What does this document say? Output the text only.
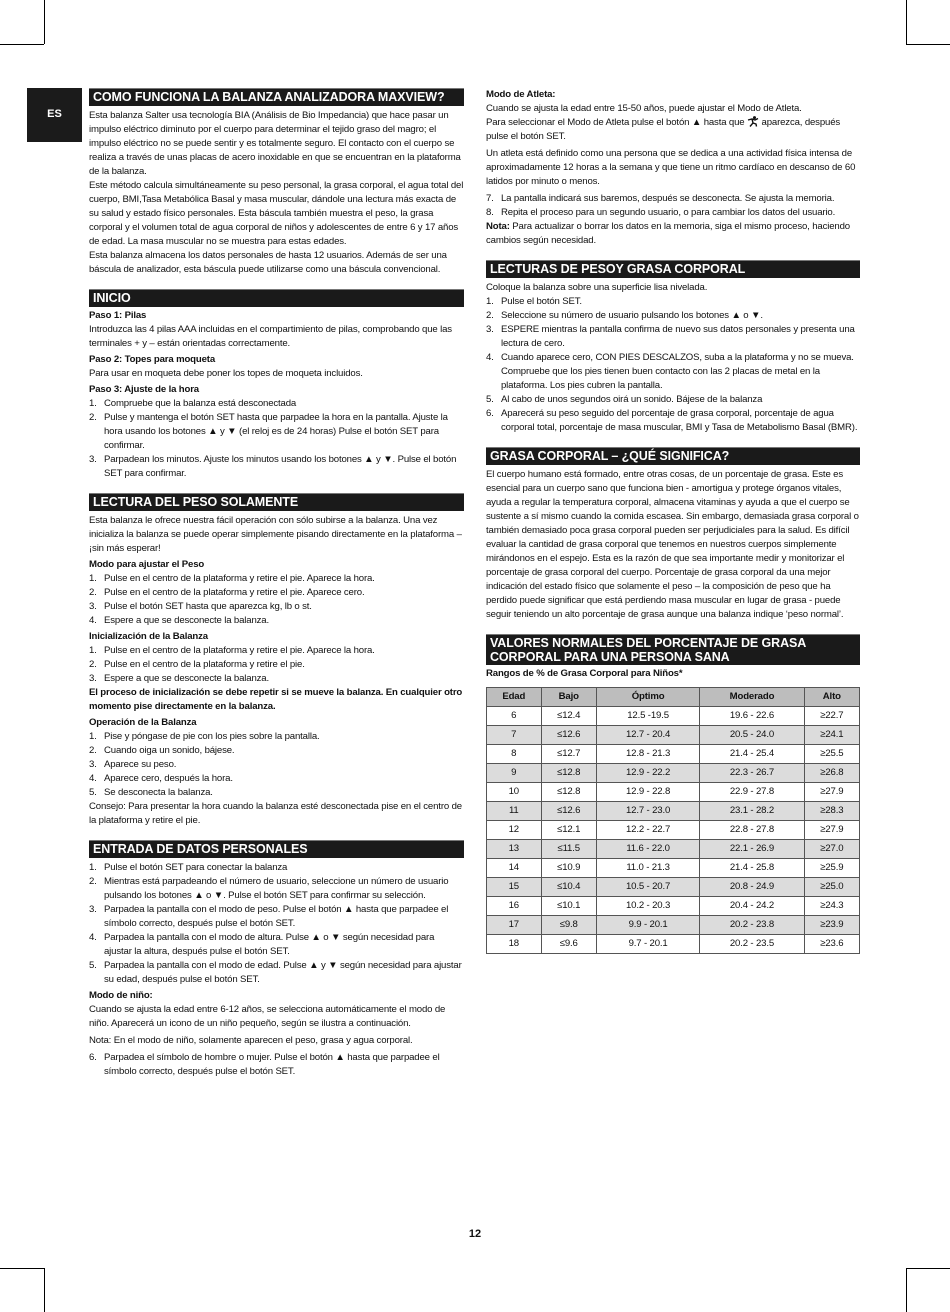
ES
COMO FUNCIONA LA BALANZA ANALIZADORA MAXVIEW?

Esta balanza Salter usa tecnología BIA (Análisis de Bio Impedancia) que hace pasar un impulso eléctrico diminuto por el cuerpo para determinar el tejido graso del magro; el impulso eléctrico no se puede sentir y es totalmente seguro. El contacto con el cuerpo se realiza a través de unas placas de acero inoxidable en que se encuentran en la plataforma de la balanza.

Este método calcula simultáneamente su peso personal, la grasa corporal, el agua total del cuerpo, BMI,Tasa Metabólica Basal y masa muscular, dándole una lectura más exacta de su salud y estado físico personales. Esta báscula también muestra el peso, la grasa corporal y el volumen total de agua corporal de niños y adolescentes de entre 6 y 17 años de edad. La masa muscular no se muestra para estas edades.

Esta balanza almacena los datos personales de hasta 12 usuarios. Además de ser una báscula de analizador, esta báscula puede utilizarse como una báscula convencional.

INICIO

Paso 1: Pilas

Introduzca las 4 pilas AAA incluidas en el compartimiento de pilas, comprobando que las terminales + y – están orientadas correctamente.

Paso 2: Topes para moqueta

Para usar en moqueta debe poner los topes de moqueta incluidos.

Paso 3: Ajuste de la hora

1. Compruebe que la balanza está desconectada
2. Pulse y mantenga el botón SET hasta que parpadee la hora en la pantalla. Ajuste la hora usando los botones ▲ y ▼ (el reloj es de 24 horas) Pulse el botón SET para confirmar.
3. Parpadean los minutos. Ajuste los minutos usando los botones ▲ y ▼. Pulse el botón SET para confirmar.
LECTURA DEL PESO SOLAMENTE

Esta balanza le ofrece nuestra fácil operación con sólo subirse a la balanza. Una vez inicializa la balanza se puede operar simplemente pisando directamente en la plataforma – ¡sin más esperar!

Modo para ajustar el Peso

1. Pulse en el centro de la plataforma y retire el pie. Aparece la hora.
2. Pulse en el centro de la plataforma y retire el pie. Aparece cero.
3. Pulse el botón SET hasta que aparezca kg, lb o st.
4. Espere a que se desconecte la balanza.

Inicialización de la Balanza

1. Pulse en el centro de la plataforma y retire el pie. Aparece la hora.
2. Pulse en el centro de la plataforma y retire el pie.
3. Espere a que se desconecte la balanza.

El proceso de inicialización se debe repetir si se mueve la balanza. En cualquier otro momento pise directamente en la balanza.

Operación de la Balanza

1. Pise y póngase de pie con los pies sobre la pantalla.
2. Cuando oiga un sonido, bájese.
3. Aparece su peso.
4. Aparece cero, después la hora.
5. Se desconecta la balanza.

Consejo: Para presentar la hora cuando la balanza esté desconectada pise en el centro de la plataforma y retire el pie.

ENTRADA DE DATOS PERSONALES
1. Pulse el botón SET para conectar la balanza
2. Mientras está parpadeando el número de usuario, seleccione un número de usuario pulsando los botones ▲ o ▼. Pulse el botón SET para confirmar su selección.
3. Parpadea la pantalla con el modo de peso. Pulse el botón ▲ hasta que parpadee el símbolo correcto, después pulse el botón SET.
4. Parpadea la pantalla con el modo de altura. Pulse ▲ o ▼ según necesidad para ajustar la altura, después pulse el botón SET.
5. Parpadea la pantalla con el modo de edad. Pulse ▲ y ▼ según necesidad para ajustar su edad, después pulse el botón SET.

Modo de niño:

Cuando se ajusta la edad entre 6-12 años, se selecciona automáticamente el modo de niño. Aparecerá un icono de un niño pequeño, según se ilustra a continuación.

Nota: En el modo de niño, solamente aparecen el peso, grasa y agua corporal.

6. Parpadea el símbolo de hombre o mujer. Pulse el botón ▲ hasta que parpadee el símbolo correcto, después pulse el botón SET.

Modo de Atleta:

Cuando se ajusta la edad entre 15-50 años, puede ajustar el Modo de Atleta.

Para seleccionar el Modo de Atleta pulse el botón ▲ hasta que aparezca, después pulse el botón SET.

Un atleta está definido como una persona que se dedica a una actividad física intensa de aproximadamente 12 horas a la semana y que tiene un ritmo cardíaco en descanso de 60 latidos por minuto o menos.

7. La pantalla indicará sus baremos, después se desconecta. Se ajusta la memoria.
8. Repita el proceso para un segundo usuario, o para cambiar los datos del usuario.

Nota: Para actualizar o borrar los datos en la memoria, siga el mismo proceso, haciendo cambios según necesidad.

LECTURAS DE PESOY GRASA CORPORAL

Coloque la balanza sobre una superficie lisa nivelada.

1. Pulse el botón SET.
2. Seleccione su número de usuario pulsando los botones ▲ o ▼.
3. ESPERE mientras la pantalla confirma de nuevo sus datos personales y presenta una lectura de cero.
4. Cuando aparece cero, CON PIES DESCALZOS, suba a la plataforma y no se mueva. Compruebe que los pies tienen buen contacto con las 2 placas de metal en la plataforma. Los pies cubren la pantalla.
5. Al cabo de unos segundos oirá un sonido. Bájese de la balanza
6. Aparecerá su peso seguido del porcentaje de grasa corporal, porcentaje de agua corporal total, porcentaje de masa muscular, BMI y Tasa de Metabolismo Basal (BMR).
GRASA CORPORAL – ¿QUÉ SIGNIFICA?

El cuerpo humano está formado, entre otras cosas, de un porcentaje de grasa. Este es esencial para un cuerpo sano que funciona bien - amortigua y protege órganos vitales, ayuda a regular la temperatura corporal, almacena vitaminas y ayuda a que el cuerpo se sustente a sí mismo cuando la comida escasea. Sin embargo, demasiada grasa corporal o también demasiado poca grasa corporal pueden ser perjudiciales para la salud. Es difícil evaluar la cantidad de grasa corporal que tenemos en nuestros cuerpos simplemente mirándonos en el espejo. Esta es la razón de que sea importante medir y monitorizar el porcentaje de grasa corporal del cuerpo. Porcentaje de grasa corporal da una mejor indicación del estado físico que solamente el peso – la composición de peso que ha perdido puede significar que está perdiendo masa muscular en lugar de grasa - puede seguir teniendo un alto porcentaje de grasa aunque una balanza indique ‘peso normal’.

VALORES NORMALES DEL PORCENTAJE DE GRASA
CORPORAL PARA UNA PERSONA SANA

Rangos de % de Grasa Corporal para Niños*

Edad	Bajo	Óptimo	Moderado	Alto
6	≤12.4	12.5 -19.5	19.6 - 22.6	≥22.7
7	≤12.6	12.7 - 20.4	20.5 - 24.0	≥24.1
8	≤12.7	12.8 - 21.3	21.4 - 25.4	≥25.5
9	≤12.8	12.9 - 22.2	22.3 - 26.7	≥26.8
10	≤12.8	12.9 - 22.8	22.9 - 27.8	≥27.9
11	≤12.6	12.7 - 23.0	23.1 - 28.2	≥28.3
12	≤12.1	12.2 - 22.7	22.8 - 27.8	≥27.9
13	≤11.5	11.6 - 22.0	22.1 - 26.9	≥27.0
14	≤10.9	11.0 - 21.3	21.4 - 25.8	≥25.9
15	≤10.4	10.5 - 20.7	20.8 - 24.9	≥25.0
16	≤10.1	10.2 - 20.3	20.4 - 24.2	≥24.3
17	≤9.8	9.9 - 20.1	20.2 - 23.8	≥23.9
18	≤9.6	9.7 - 20.1	20.2 - 23.5	≥23.6
12
